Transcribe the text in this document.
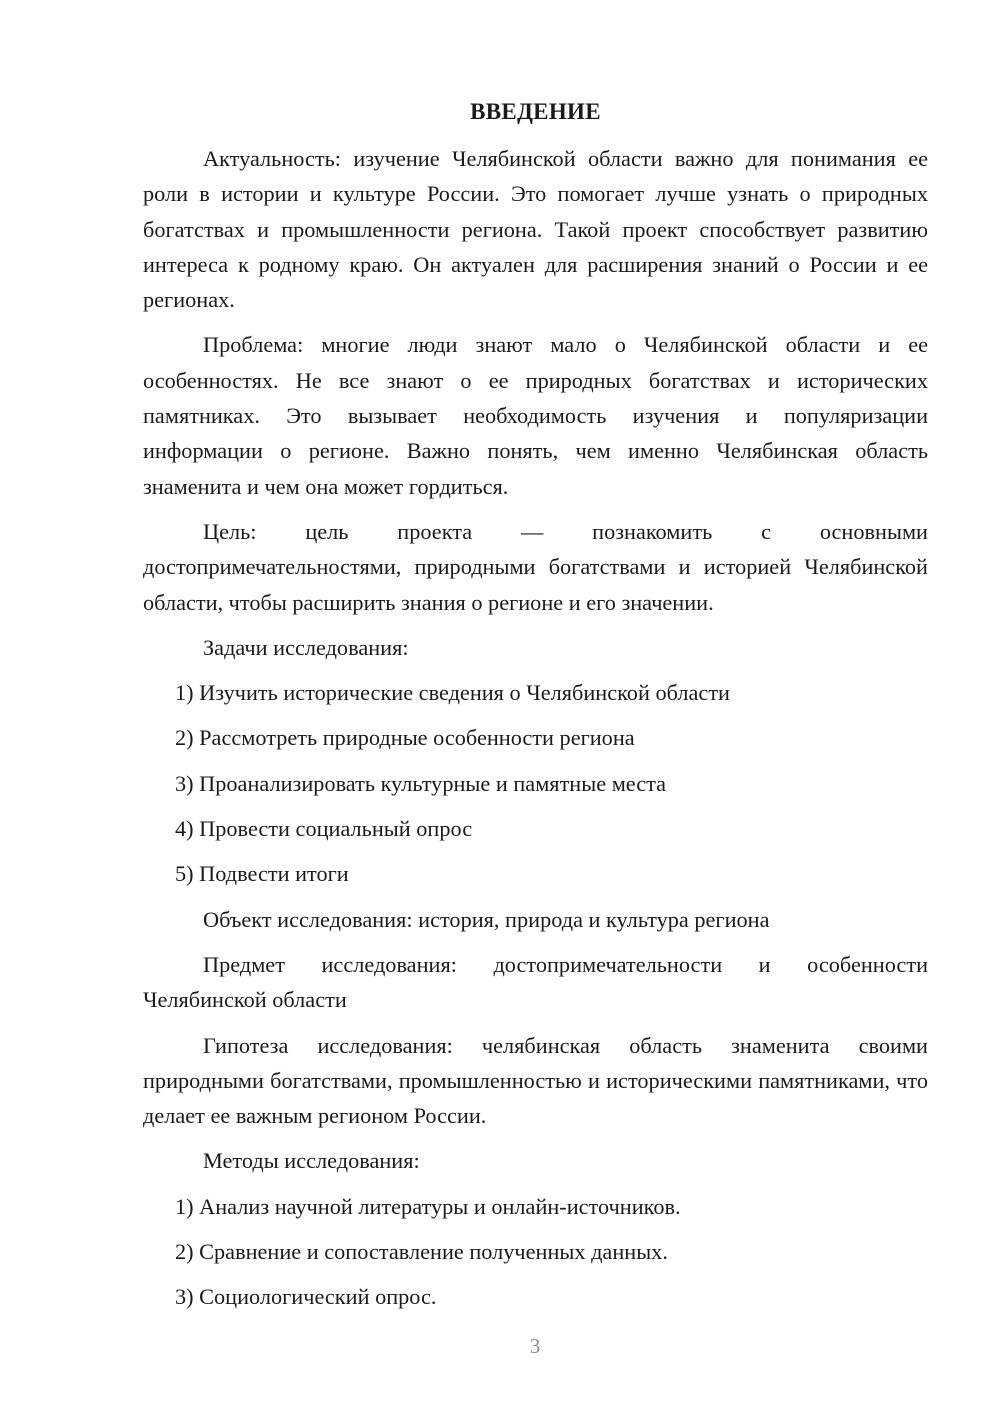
ВВЕДЕНИЕ

Актуальность: изучение Челябинской области важно для понимания ее роли в истории и культуре России. Это помогает лучше узнать о природных богатствах и промышленности региона. Такой проект способствует развитию интереса к родному краю. Он актуален для расширения знаний о России и ее регионах.

Проблема: многие люди знают мало о Челябинской области и ее особенностях. Не все знают о ее природных богатствах и исторических памятниках. Это вызывает необходимость изучения и популяризации информации о регионе. Важно понять, чем именно Челябинская область знаменита и чем она может гордиться.

Цель: цель проекта — познакомить с основными достопримечательностями, природными богатствами и историей Челябинской области, чтобы расширить знания о регионе и его значении.

Задачи исследования:

1) Изучить исторические сведения о Челябинской области

2) Рассмотреть природные особенности региона

3) Проанализировать культурные и памятные места

4) Провести социальный опрос

5) Подвести итоги

Объект исследования: история, природа и культура региона

Предмет исследования: достопримечательности и особенности Челябинской области

Гипотеза исследования: челябинская область знаменита своими природными богатствами, промышленностью и историческими памятниками, что делает ее важным регионом России.

Методы исследования:

1) Анализ научной литературы и онлайн-источников.

2) Сравнение и сопоставление полученных данных.

3) Социологический опрос.

3
